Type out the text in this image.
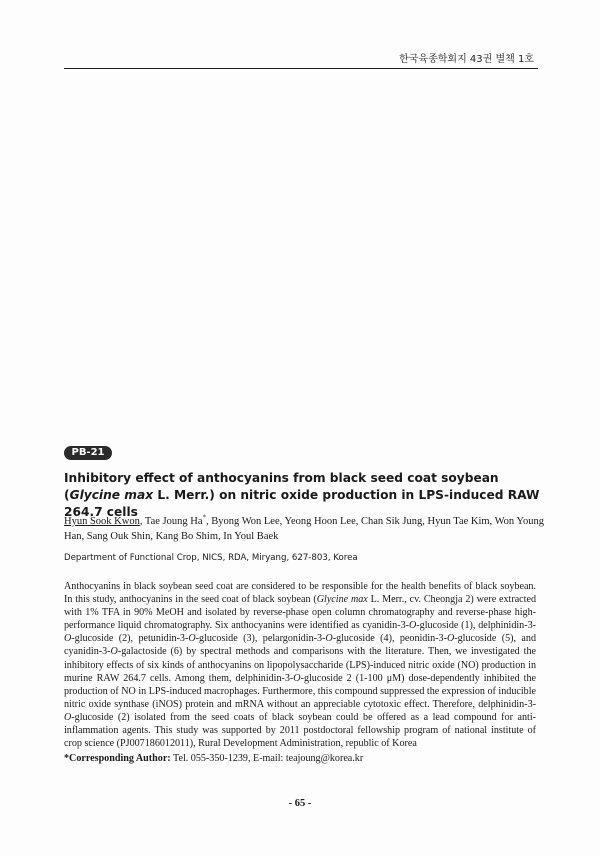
한국육종학회지 43권 별책 1호
PB-21
Inhibitory effect of anthocyanins from black seed coat soybean (Glycine max L. Merr.) on nitric oxide production in LPS-induced RAW 264.7 cells
Hyun Sook Kwon, Tae Joung Ha*, Byong Won Lee, Yeong Hoon Lee, Chan Sik Jung, Hyun Tae Kim, Won Young Han, Sang Ouk Shin, Kang Bo Shim, In Youl Baek
Department of Functional Crop, NICS, RDA, Miryang, 627-803, Korea

Anthocyanins in black soybean seed coat are considered to be responsible for the health benefits of black soybean. In this study, anthocyanins in the seed coat of black soybean (Glycine max L. Merr., cv. Cheongja 2) were extracted with 1% TFA in 90% MeOH and isolated by reverse-phase open column chromatography and reverse-phase high-performance liquid chromatography. Six anthocyanins were identified as cyanidin-3-O-glucoside (1), delphinidin-3-O-glucoside (2), petunidin-3-O-glucoside (3), pelargonidin-3-O-glucoside (4), peonidin-3-O-glucoside (5), and cyanidin-3-O-galactoside (6) by spectral methods and comparisons with the literature. Then, we investigated the inhibitory effects of six kinds of anthocyanins on lipopolysaccharide (LPS)-induced nitric oxide (NO) production in murine RAW 264.7 cells. Among them, delphinidin-3-O-glucoside 2 (1-100 μM) dose-dependently inhibited the production of NO in LPS-induced macrophages. Furthermore, this compound suppressed the expression of inducible nitric oxide synthase (iNOS) protein and mRNA without an appreciable cytotoxic effect. Therefore, delphinidin-3-O-glucoside (2) isolated from the seed coats of black soybean could be offered as a lead compound for anti-inflammation agents. This study was supported by 2011 postdoctoral fellowship program of national institute of crop science (PJ007186012011), Rural Development Administration, republic of Korea

*Corresponding Author: Tel. 055-350-1239, E-mail: teajoung@korea.kr
- 65 -
